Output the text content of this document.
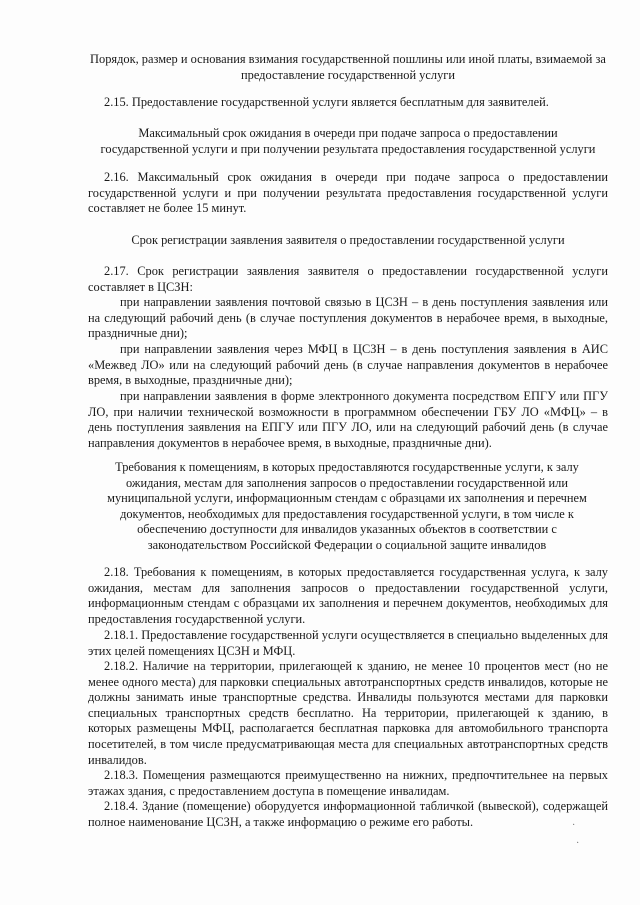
Порядок, размер и основания взимания государственной пошлины или иной платы, взимаемой за предоставление государственной услуги

2.15. Предоставление государственной услуги является бесплатным для заявителей.

Максимальный срок ожидания в очереди при подаче запроса о предоставлении государственной услуги и при получении результата предоставления государственной услуги

2.16. Максимальный срок ожидания в очереди при подаче запроса о предоставлении государственной услуги и при получении результата предоставления государственной услуги составляет не более 15 минут.

Срок регистрации заявления заявителя о предоставлении государственной услуги

2.17. Срок регистрации заявления заявителя о предоставлении государственной услуги составляет в ЦСЗН:

при направлении заявления почтовой связью в ЦСЗН – в день поступления заявления или на следующий рабочий день (в случае поступления документов в нерабочее время, в выходные, праздничные дни);

при направлении заявления через МФЦ в ЦСЗН – в день поступления заявления в АИС «Межвед ЛО» или на следующий рабочий день (в случае направления документов в нерабочее время, в выходные, праздничные дни);

при направлении заявления в форме электронного документа посредством ЕПГУ или ПГУ ЛО, при наличии технической возможности в программном обеспечении ГБУ ЛО «МФЦ» – в день поступления заявления на ЕПГУ или ПГУ ЛО, или на следующий рабочий день (в случае направления документов в нерабочее время, в выходные, праздничные дни).

Требования к помещениям, в которых предоставляются государственные услуги, к залу ожидания, местам для заполнения запросов о предоставлении государственной или муниципальной услуги, информационным стендам с образцами их заполнения и перечнем документов, необходимых для предоставления государственной услуги, в том числе к обеспечению доступности для инвалидов указанных объектов в соответствии с законодательством Российской Федерации о социальной защите инвалидов

2.18. Требования к помещениям, в которых предоставляется государственная услуга, к залу ожидания, местам для заполнения запросов о предоставлении государственной услуги, информационным стендам с образцами их заполнения и перечнем документов, необходимых для предоставления государственной услуги.

2.18.1. Предоставление государственной услуги осуществляется в специально выделенных для этих целей помещениях ЦСЗН и МФЦ.

2.18.2. Наличие на территории, прилегающей к зданию, не менее 10 процентов мест (но не менее одного места) для парковки специальных автотранспортных средств инвалидов, которые не должны занимать иные транспортные средства. Инвалиды пользуются местами для парковки специальных транспортных средств бесплатно. На территории, прилегающей к зданию, в которых размещены МФЦ, располагается бесплатная парковка для автомобильного транспорта посетителей, в том числе предусматривающая места для специальных автотранспортных средств инвалидов.

2.18.3. Помещения размещаются преимущественно на нижних, предпочтительнее на первых этажах здания, с предоставлением доступа в помещение инвалидам.

2.18.4. Здание (помещение) оборудуется информационной табличкой (вывеской), содержащей полное наименование ЦСЗН, а также информацию о режиме его работы.	·
·
